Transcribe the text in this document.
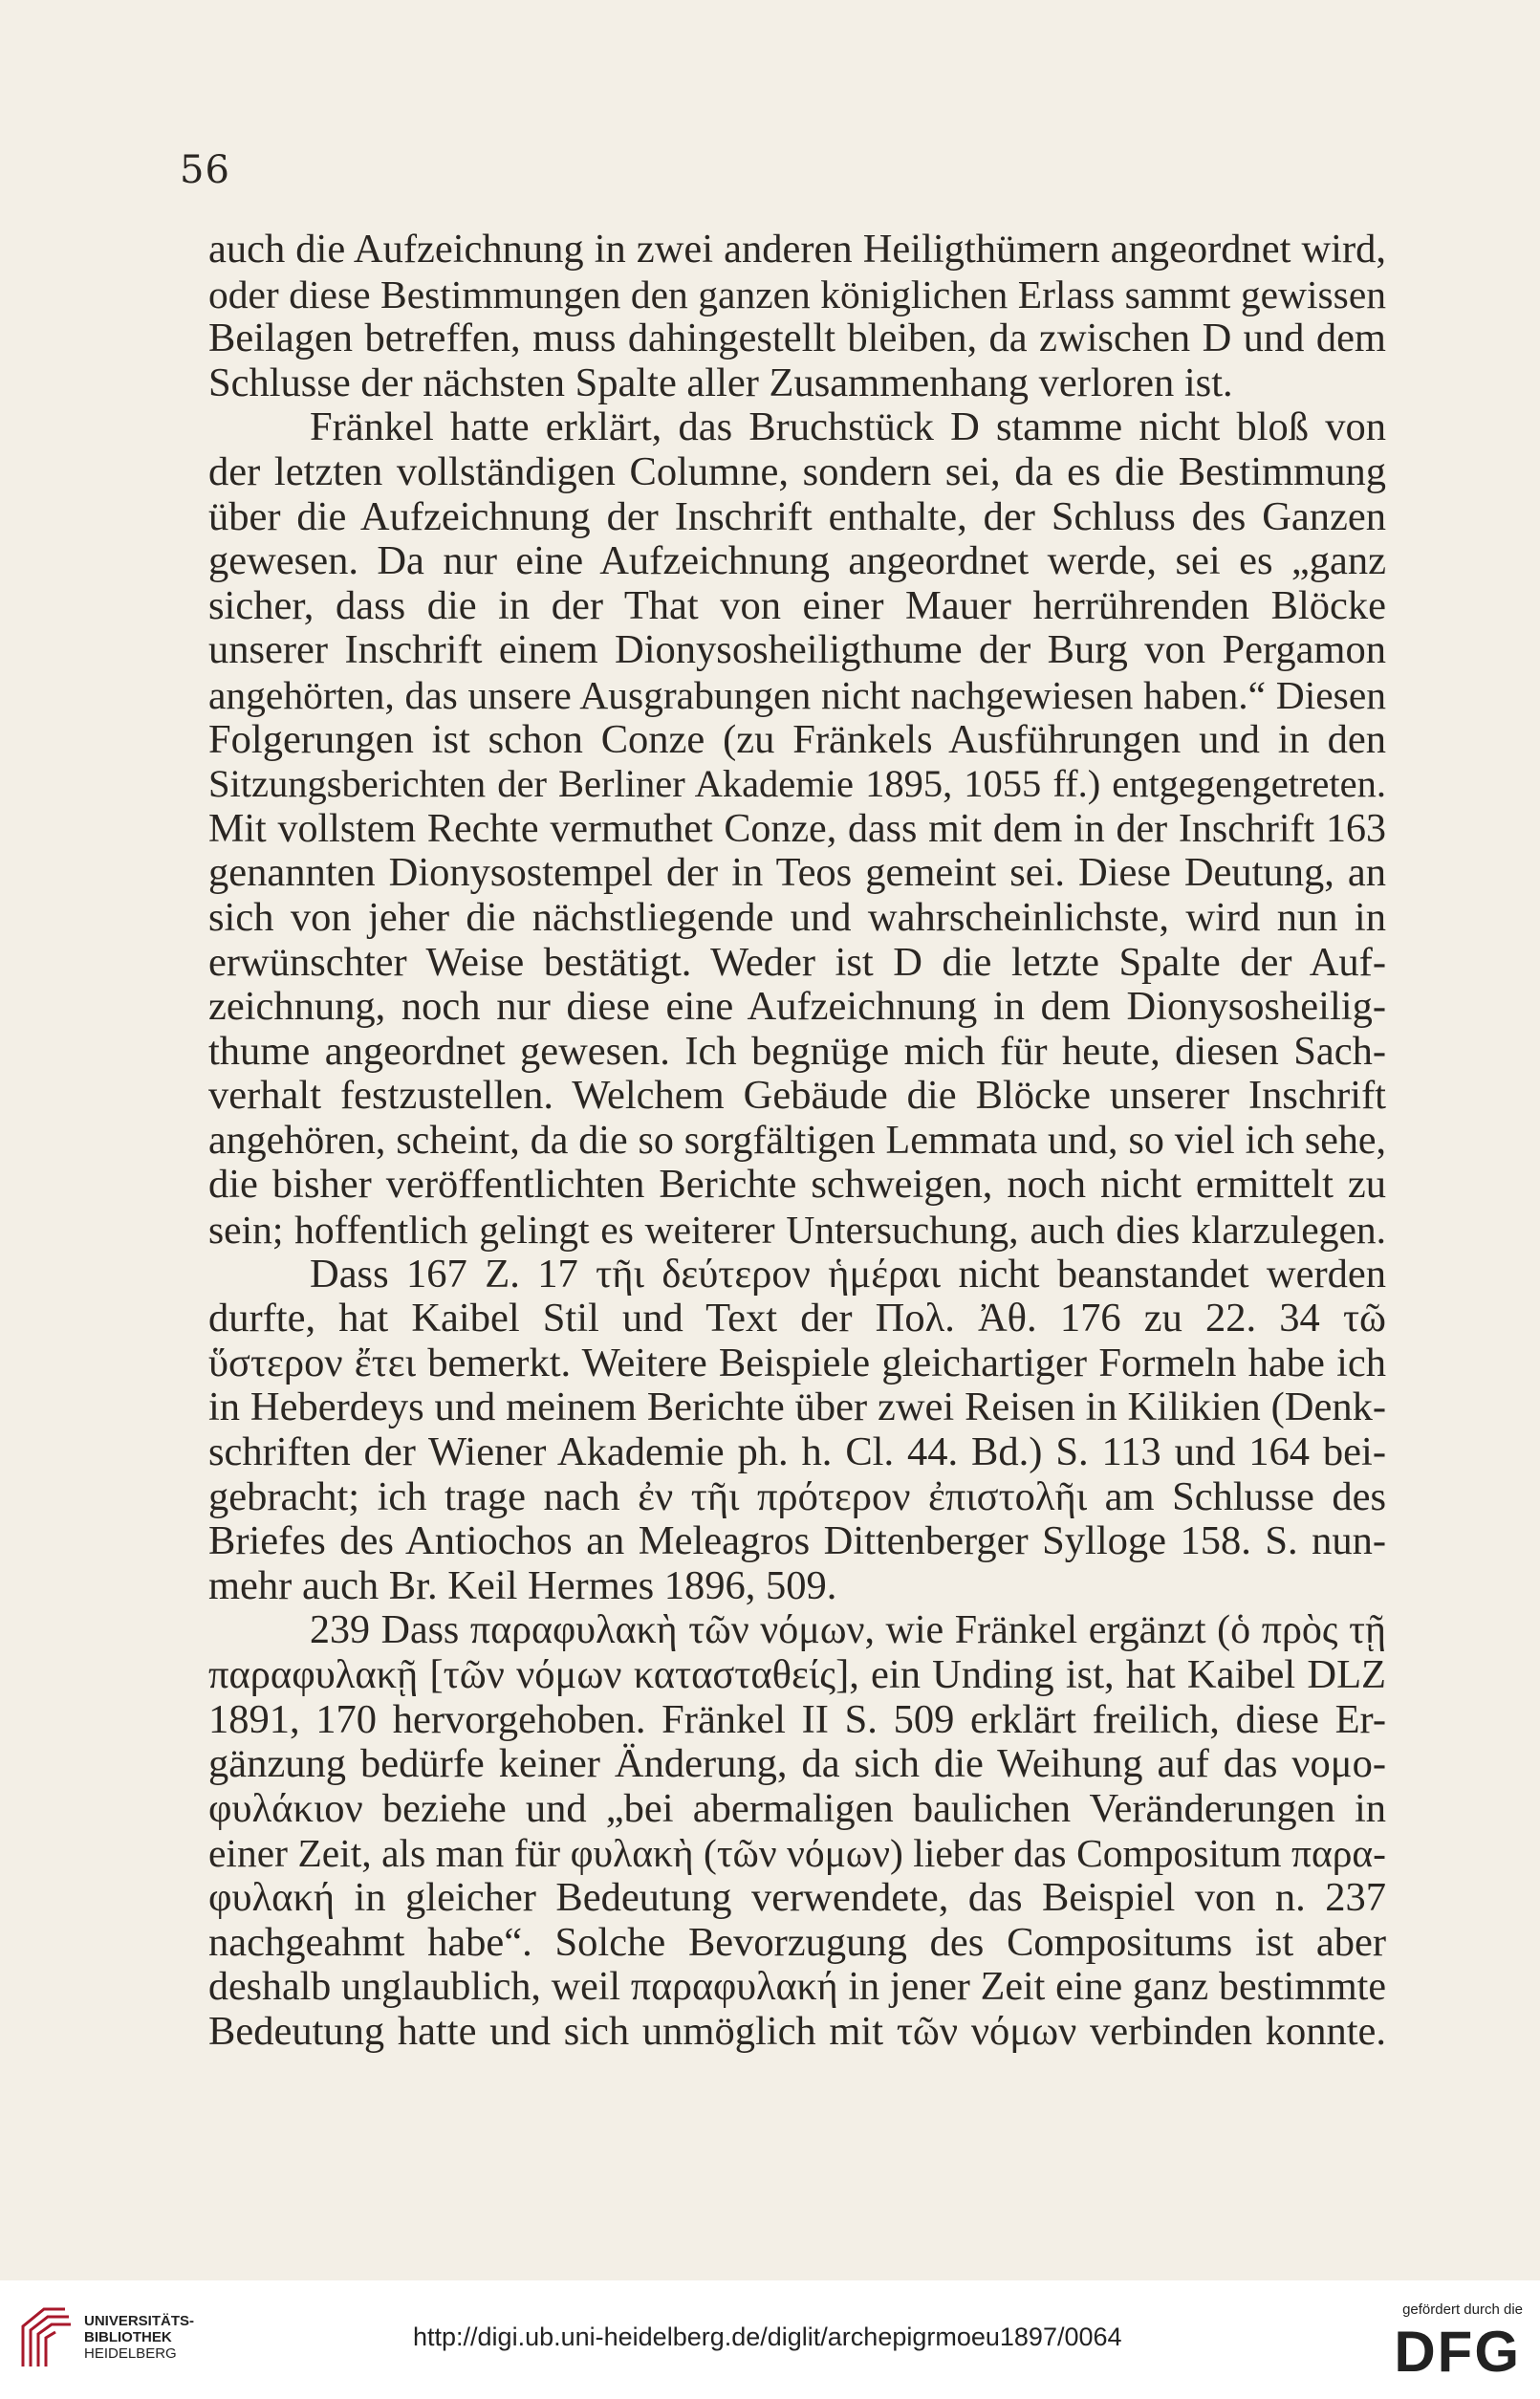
56
auch die Aufzeichnung in zwei anderen Heiligthümern angeordnet wird,
oder diese Bestimmungen den ganzen königlichen Erlass sammt gewissen
Beilagen betreffen, muss dahingestellt bleiben, da zwischen D und dem
Schlusse der nächsten Spalte aller Zusammenhang verloren ist.
Fränkel hatte erklärt, das Bruchstück D stamme nicht bloß von
der letzten vollständigen Columne, sondern sei, da es die Bestimmung
über die Aufzeichnung der Inschrift enthalte, der Schluss des Ganzen
gewesen. Da nur eine Aufzeichnung angeordnet werde, sei es „ganz
sicher, dass die in der That von einer Mauer herrührenden Blöcke
unserer Inschrift einem Dionysosheiligthume der Burg von Pergamon
angehörten, das unsere Ausgrabungen nicht nachgewiesen haben.“ Diesen
Folgerungen ist schon Conze (zu Fränkels Ausführungen und in den
Sitzungsberichten der Berliner Akademie 1895, 1055 ff.) entgegengetreten.
Mit vollstem Rechte vermuthet Conze, dass mit dem in der Inschrift 163
genannten Dionysostempel der in Teos gemeint sei. Diese Deutung, an
sich von jeher die nächstliegende und wahrscheinlichste, wird nun in
erwünschter Weise bestätigt. Weder ist D die letzte Spalte der Auf-
zeichnung, noch nur diese eine Aufzeichnung in dem Dionysosheilig-
thume angeordnet gewesen. Ich begnüge mich für heute, diesen Sach-
verhalt festzustellen. Welchem Gebäude die Blöcke unserer Inschrift
angehören, scheint, da die so sorgfältigen Lemmata und, so viel ich sehe,
die bisher veröffentlichten Berichte schweigen, noch nicht ermittelt zu
sein; hoffentlich gelingt es weiterer Untersuchung, auch dies klarzulegen.
Dass 167 Z. 17 τῆι δεύτερον ἡμέραι nicht beanstandet werden
durfte, hat Kaibel Stil und Text der Πολ. Ἀθ. 176 zu 22. 34 τῶ
ὕστερον ἔτει bemerkt. Weitere Beispiele gleichartiger Formeln habe ich
in Heberdeys und meinem Berichte über zwei Reisen in Kilikien (Denk-
schriften der Wiener Akademie ph. h. Cl. 44. Bd.) S. 113 und 164 bei-
gebracht; ich trage nach ἐν τῆι πρότερον ἐπιστολῆι am Schlusse des
Briefes des Antiochos an Meleagros Dittenberger Sylloge 158. S. nun-
mehr auch Br. Keil Hermes 1896, 509.
239 Dass παραφυλακὴ τῶν νόμων, wie Fränkel ergänzt (ὁ πρὸς τῇ
παραφυλακῇ [τῶν νόμων κατασταθείς], ein Unding ist, hat Kaibel DLZ
1891, 170 hervorgehoben. Fränkel II S. 509 erklärt freilich, diese Er-
gänzung bedürfe keiner Änderung, da sich die Weihung auf das νομο-
φυλάκιον beziehe und „bei abermaligen baulichen Veränderungen in
einer Zeit, als man für φυλακὴ (τῶν νόμων) lieber das Compositum παρα-
φυλακή in gleicher Bedeutung verwendete, das Beispiel von n. 237
nachgeahmt habe“. Solche Bevorzugung des Compositums ist aber
deshalb unglaublich, weil παραφυλακή in jener Zeit eine ganz bestimmte
Bedeutung hatte und sich unmöglich mit τῶν νόμων verbinden konnte.
UNIVERSITÄTS-
BIBLIOTHEK
HEIDELBERG
http://digi.ub.uni-heidelberg.de/diglit/archepigrmoeu1897/0064
gefördert durch die
DFG
